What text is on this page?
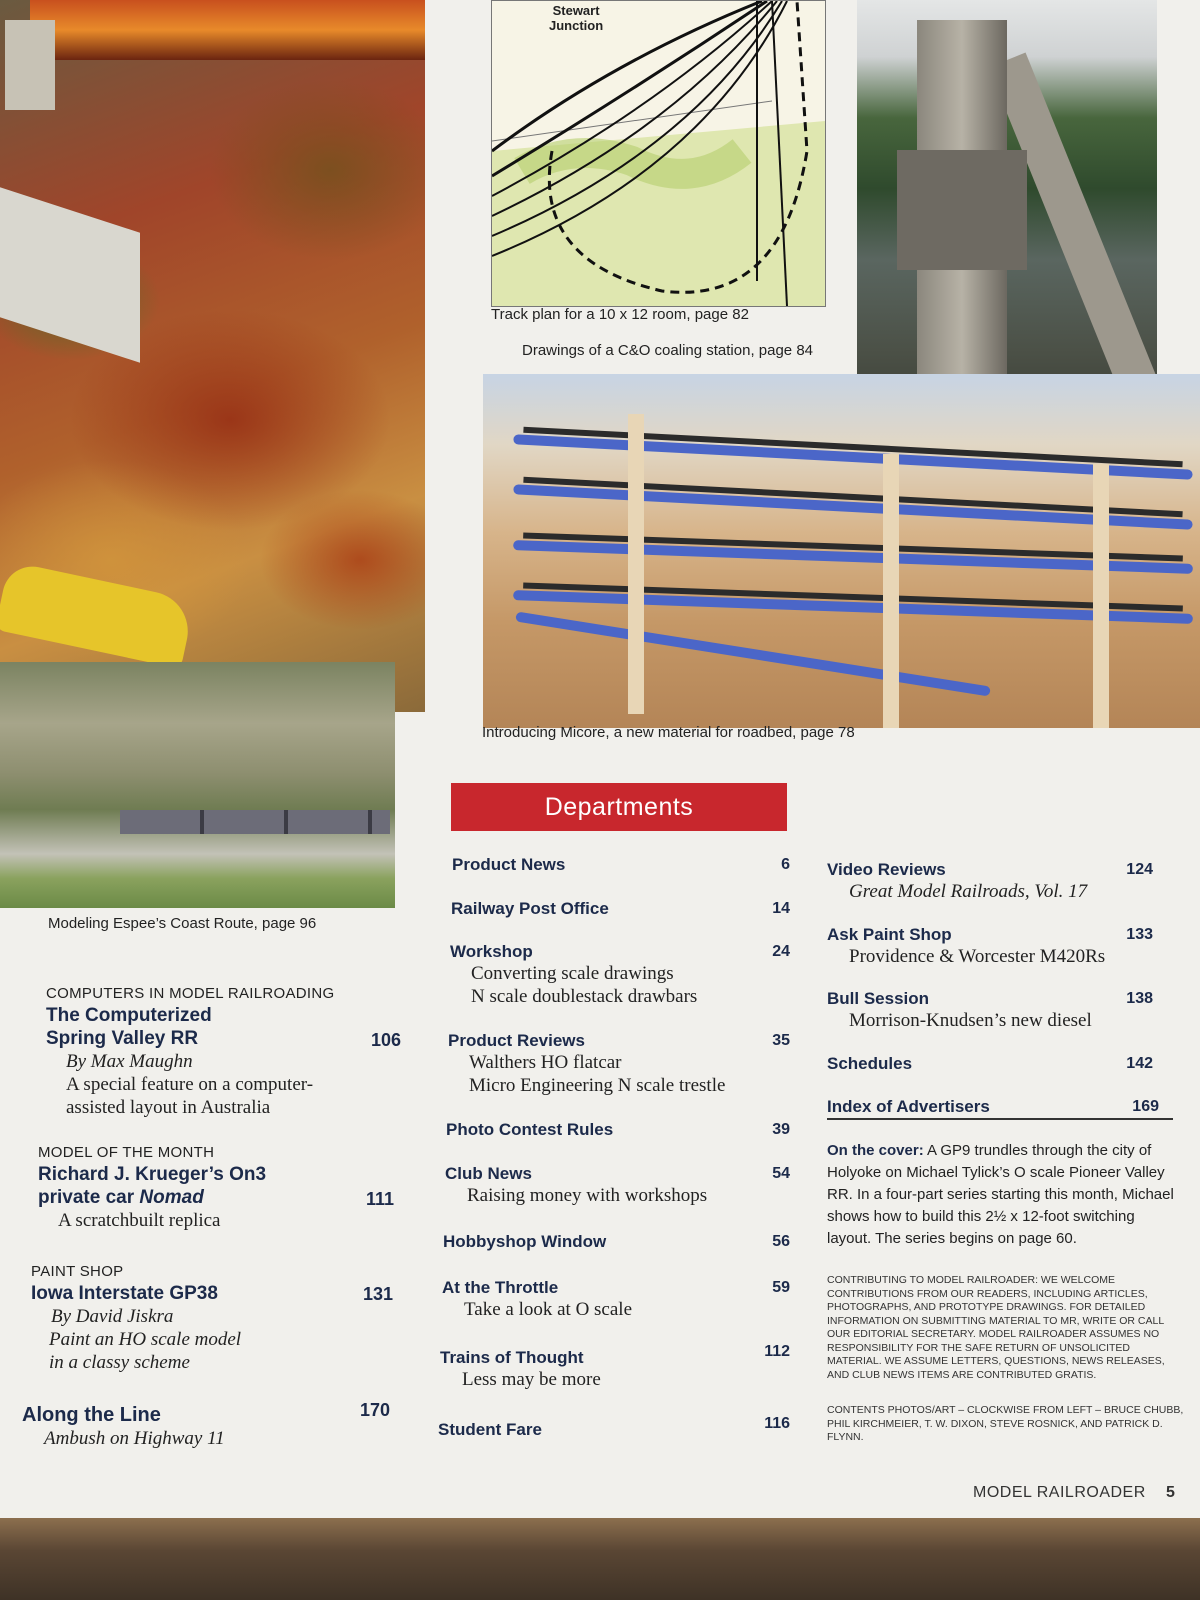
Modeling Espee’s Coast Route, page 96
Stewart
Junction
Track plan for a 10 x 12 room, page 82
Drawings of a C&O coaling station, page 84
Introducing Micore, a new material for roadbed, page 78
Departments
COMPUTERS IN MODEL RAILROADING
The Computerized
Spring Valley RR	106
By Max Maughn
A special feature on a computer-
assisted layout in Australia
MODEL OF THE MONTH
Richard J. Krueger’s On3
private car Nomad	111
A scratchbuilt replica
PAINT SHOP
Iowa Interstate GP38	131
By David Jiskra
Paint an HO scale model
in a classy scheme
Along the Line	170
Ambush on Highway 11
Product News	6
Railway Post Office	14
Workshop	24
Converting scale drawings
N scale doublestack drawbars
Product Reviews	35
Walthers HO flatcar
Micro Engineering N scale trestle
Photo Contest Rules	39
Club News	54
Raising money with workshops
Hobbyshop Window	56
At the Throttle	59
Take a look at O scale
Trains of Thought	112
Less may be more
Student Fare	116
Video Reviews	124
Great Model Railroads, Vol. 17
Ask Paint Shop	133
Providence & Worcester M420Rs
Bull Session	138
Morrison-Knudsen’s new diesel
Schedules	142
Index of Advertisers	169
On the cover: A GP9 trundles through the city of Holyoke on Michael Tylick’s O scale Pioneer Valley RR. In a four-part series starting this month, Michael shows how to build this 2½ x 12-foot switching layout. The series begins on page 60.
CONTRIBUTING TO MODEL RAILROADER: WE WELCOME CONTRIBUTIONS FROM OUR READERS, INCLUDING ARTICLES, PHOTOGRAPHS, AND PROTOTYPE DRAWINGS. FOR DETAILED INFORMATION ON SUBMITTING MATERIAL TO MR, WRITE OR CALL OUR EDITORIAL SECRETARY. MODEL RAILROADER ASSUMES NO RESPONSIBILITY FOR THE SAFE RETURN OF UNSOLICITED MATERIAL. WE ASSUME LETTERS, QUESTIONS, NEWS RELEASES, AND CLUB NEWS ITEMS ARE CONTRIBUTED GRATIS.
CONTENTS PHOTOS/ART – CLOCKWISE FROM LEFT – BRUCE CHUBB, PHIL KIRCHMEIER, T. W. DIXON, STEVE ROSNICK, AND PATRICK D. FLYNN.
MODEL RAILROADER 5
